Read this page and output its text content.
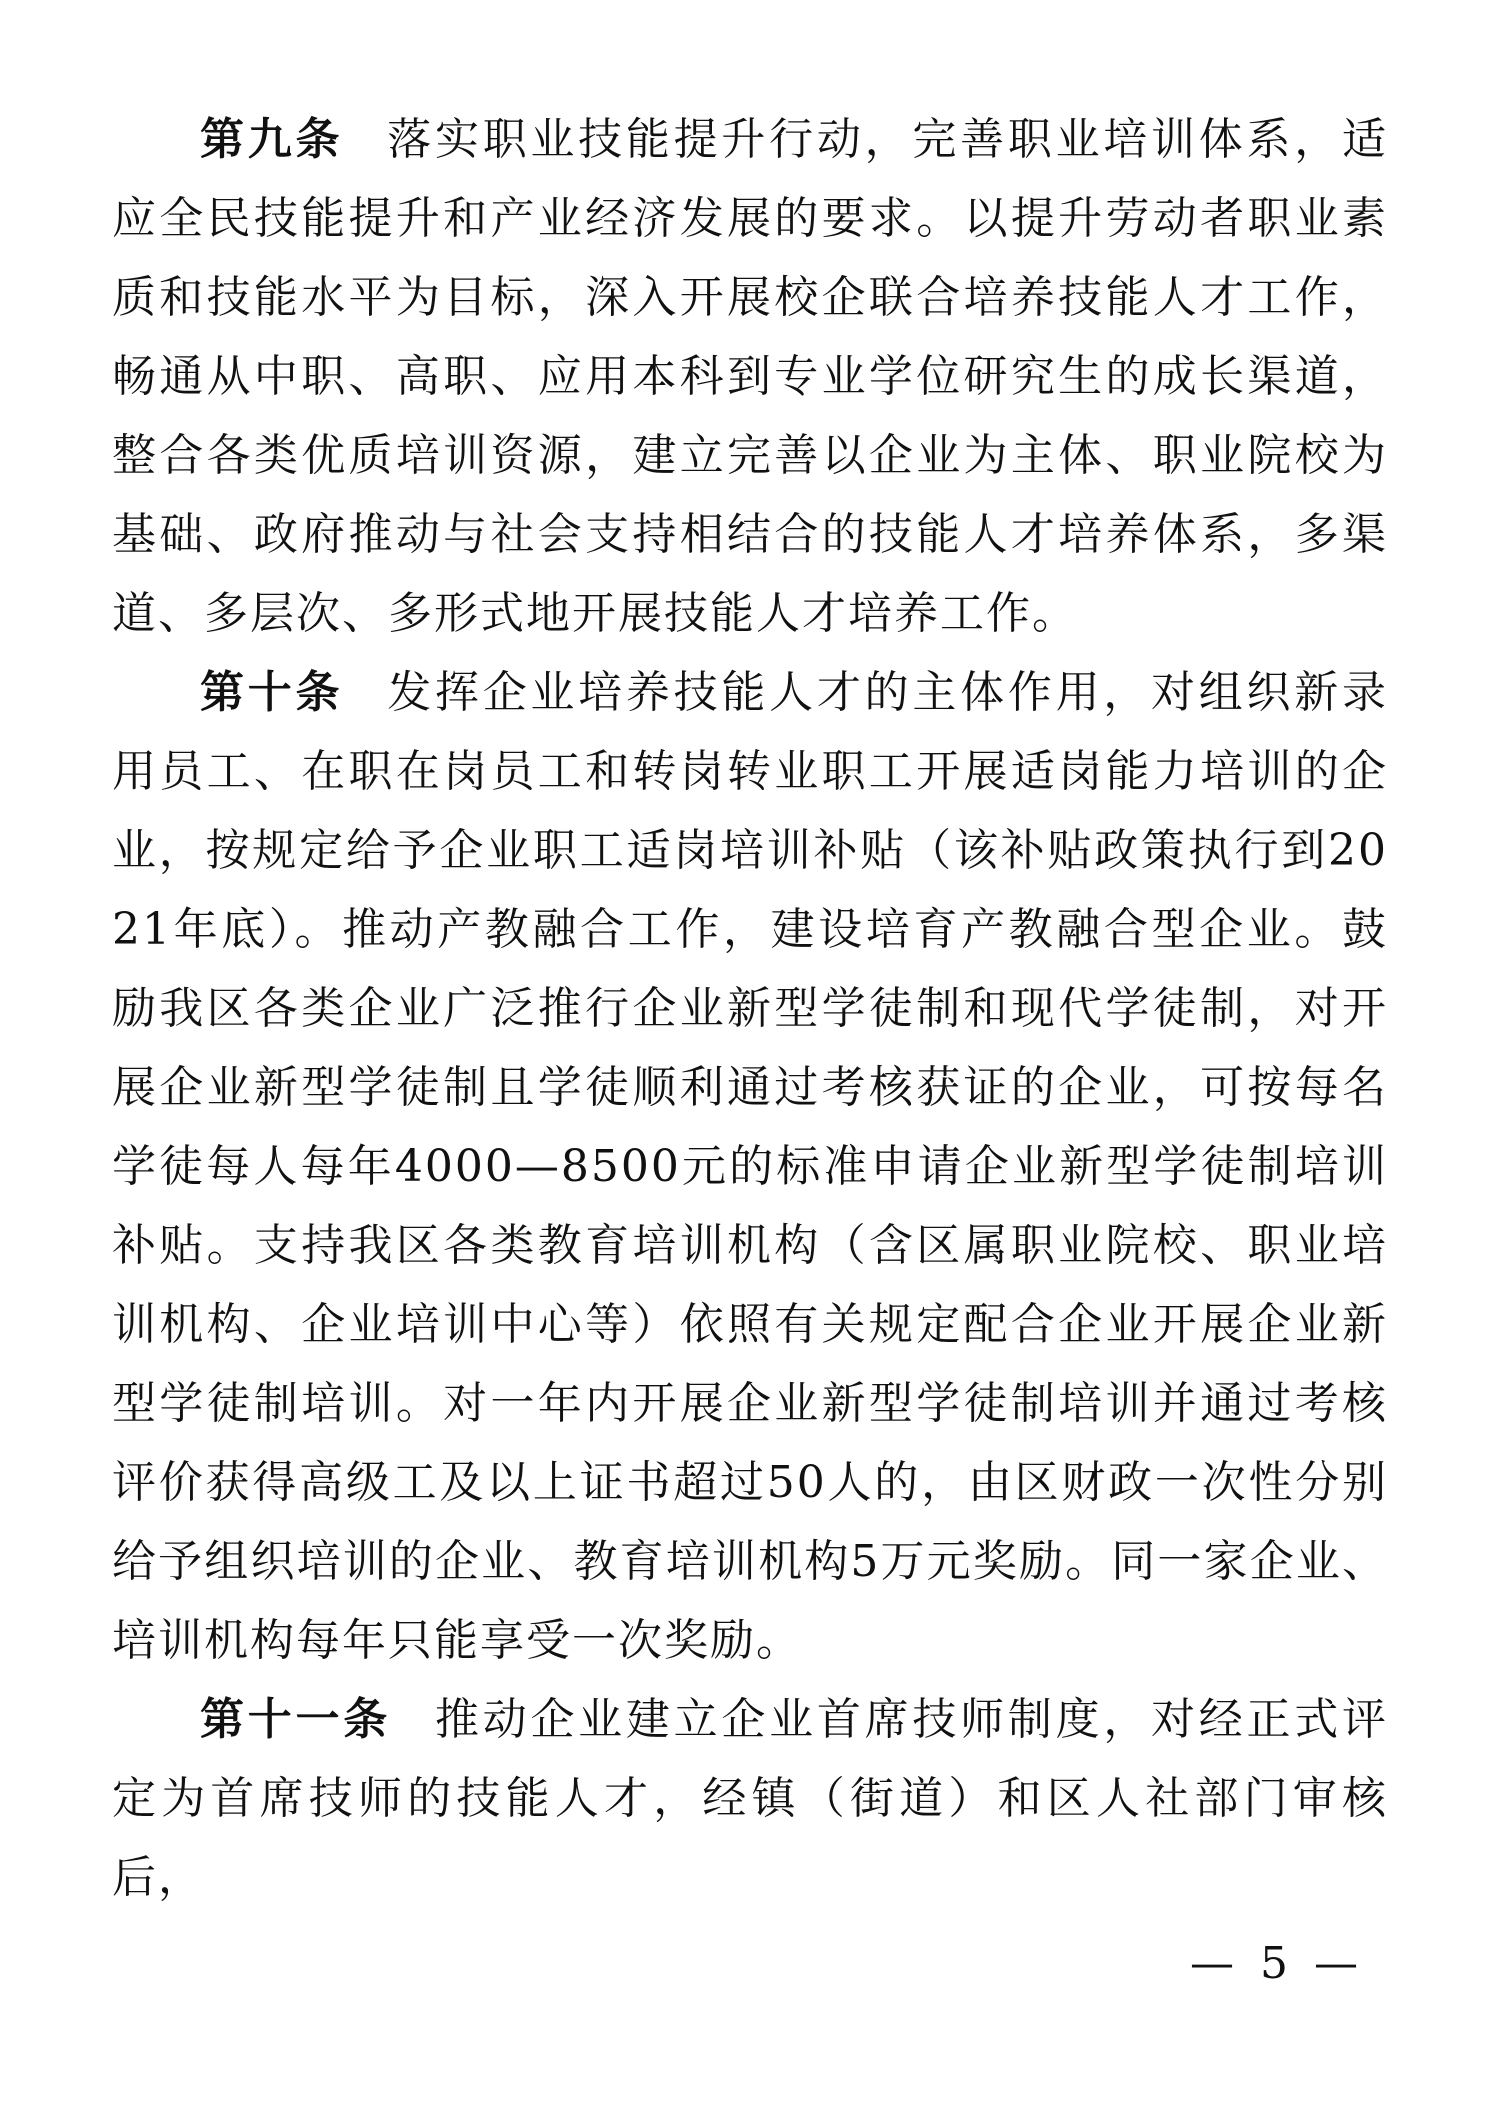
第九条 落实职业技能提升行动，完善职业培训体系，适应全民技能提升和产业经济发展的要求。以提升劳动者职业素质和技能水平为目标，深入开展校企联合培养技能人才工作，畅通从中职、高职、应用本科到专业学位研究生的成长渠道，整合各类优质培训资源，建立完善以企业为主体、职业院校为基础、政府推动与社会支持相结合的技能人才培养体系，多渠道、多层次、多形式地开展技能人才培养工作。

第十条 发挥企业培养技能人才的主体作用，对组织新录用员工、在职在岗员工和转岗转业职工开展适岗能力培训的企业，按规定给予企业职工适岗培训补贴（该补贴政策执行到2021年底）。推动产教融合工作，建设培育产教融合型企业。鼓励我区各类企业广泛推行企业新型学徒制和现代学徒制，对开展企业新型学徒制且学徒顺利通过考核获证的企业，可按每名学徒每人每年4000—8500元的标准申请企业新型学徒制培训补贴。支持我区各类教育培训机构（含区属职业院校、职业培训机构、企业培训中心等）依照有关规定配合企业开展企业新型学徒制培训。对一年内开展企业新型学徒制培训并通过考核评价获得高级工及以上证书超过50人的，由区财政一次性分别给予组织培训的企业、教育培训机构5万元奖励。同一家企业、培训机构每年只能享受一次奖励。

第十一条 推动企业建立企业首席技师制度，对经正式评定为首席技师的技能人才，经镇（街道）和区人社部门审核后，

— 5 —
